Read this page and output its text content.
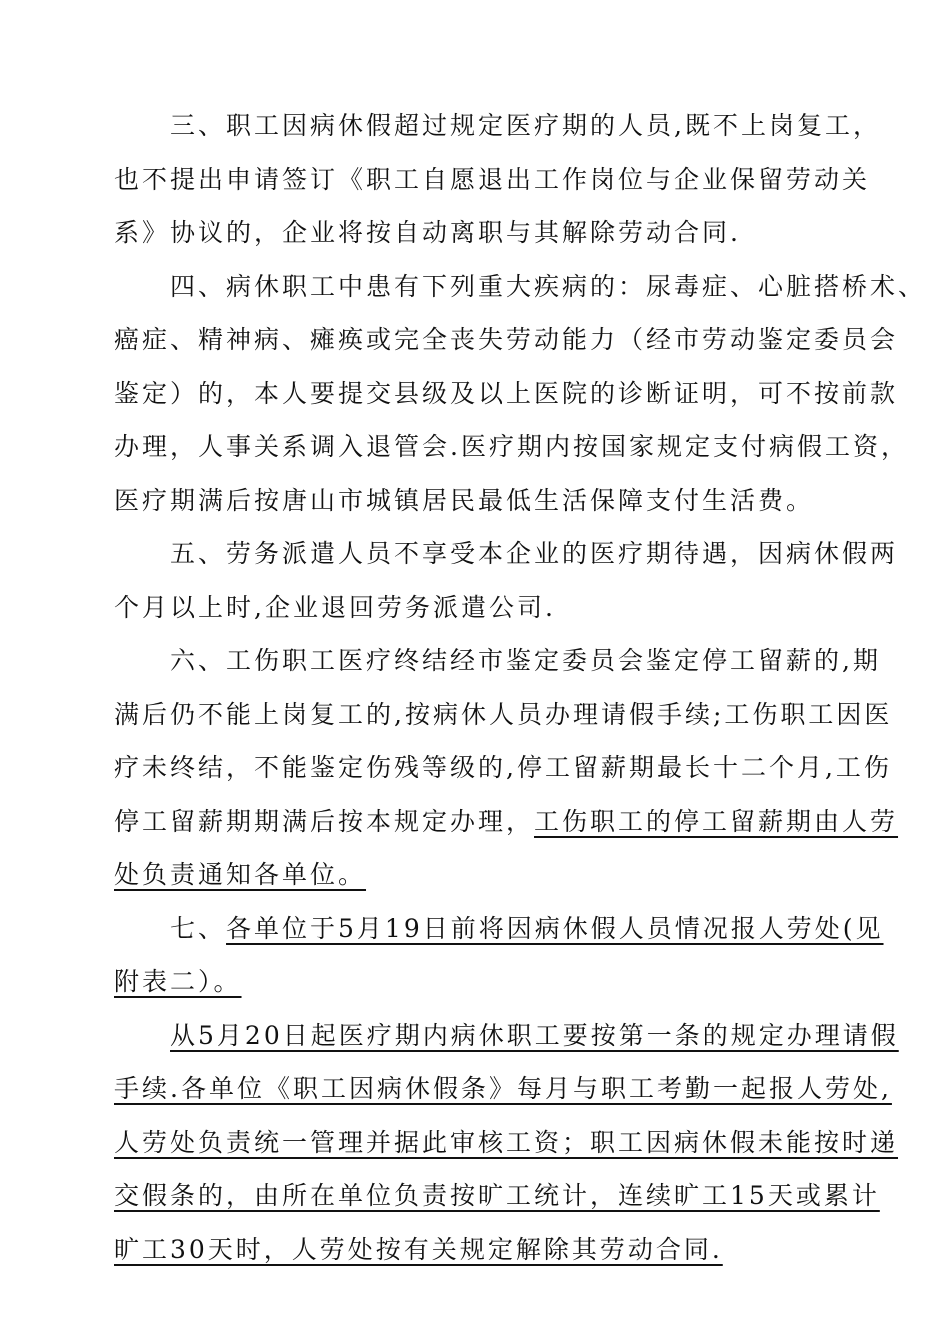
　　三、职工因病休假超过规定医疗期的人员,既不上岗复工，
也不提出申请签订《职工自愿退出工作岗位与企业保留劳动关
系》协议的，企业将按自动离职与其解除劳动合同.
　　四、病休职工中患有下列重大疾病的：尿毒症、心脏搭桥术、
癌症、精神病、瘫痪或完全丧失劳动能力（经市劳动鉴定委员会
鉴定）的，本人要提交县级及以上医院的诊断证明，可不按前款
办理，人事关系调入退管会.医疗期内按国家规定支付病假工资，
医疗期满后按唐山市城镇居民最低生活保障支付生活费。
　　五、劳务派遣人员不享受本企业的医疗期待遇，因病休假两
个月以上时,企业退回劳务派遣公司.
　　六、工伤职工医疗终结经市鉴定委员会鉴定停工留薪的,期
满后仍不能上岗复工的,按病休人员办理请假手续;工伤职工因医
疗未终结，不能鉴定伤残等级的,停工留薪期最长十二个月,工伤
停工留薪期期满后按本规定办理，工伤职工的停工留薪期由人劳
处负责通知各单位。
　　七、各单位于5月19日前将因病休假人员情况报人劳处(见
附表二）。
　　从5月20日起医疗期内病休职工要按第一条的规定办理请假
手续.各单位《职工因病休假条》每月与职工考勤一起报人劳处,
人劳处负责统一管理并据此审核工资；职工因病休假未能按时递
交假条的，由所在单位负责按旷工统计，连续旷工15天或累计
旷工30天时，人劳处按有关规定解除其劳动合同.
